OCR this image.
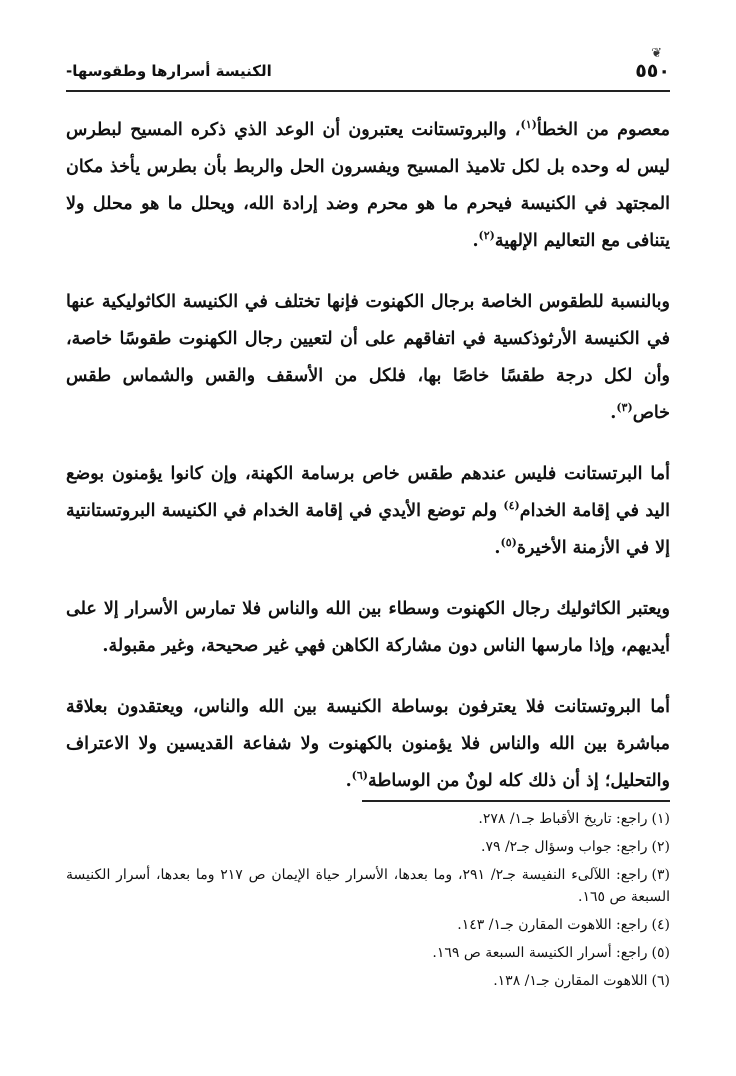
❦
٥٥٠
الكنيسة أسرارها وطقوسها-

معصوم من الخطأ$^{(١)}$، والبروتستانت يعتبرون أن الوعد الذي ذكره المسيح لبطرس ليس له وحده بل لكل تلاميذ المسيح ويفسرون الحل والربط بأن بطرس يأخذ مكان المجتهد في الكنيسة فيحرم ما هو محرم وضد إرادة الله، ويحلل ما هو محلل ولا يتنافى مع التعاليم الإلهية$^{(٢)}$.

وبالنسبة للطقوس الخاصة برجال الكهنوت فإنها تختلف في الكنيسة الكاثوليكية عنها في الكنيسة الأرثوذكسية في اتفاقهم على أن لتعيين رجال الكهنوت طقوسًا خاصة، وأن لكل درجة طقسًا خاصًا بها، فلكل من الأسقف والقس والشماس طقس خاص$^{(٣)}$.

أما البرتستانت فليس عندهم طقس خاص برسامة الكهنة، وإن كانوا يؤمنون بوضع اليد في إقامة الخدام$^{(٤)}$ ولم توضع الأيدي في إقامة الخدام في الكنيسة البروتستانتية إلا في الأزمنة الأخيرة$^{(٥)}$.

ويعتبر الكاثوليك رجال الكهنوت وسطاء بين الله والناس فلا تمارس الأسرار إلا على أيديهم، وإذا مارسها الناس دون مشاركة الكاهن فهي غير صحيحة، وغير مقبولة.

أما البروتستانت فلا يعترفون بوساطة الكنيسة بين الله والناس، ويعتقدون بعلاقة مباشرة بين الله والناس فلا يؤمنون بالكهنوت ولا شفاعة القديسين ولا الاعتراف والتحليل؛ إذ أن ذلك كله لونٌ من الوساطة$^{(٦)}$.

(١)راجع: تاريخ الأقباط جـ١/ ٢٧٨.

(٢)راجع: جواب وسؤال جـ٢/ ٧٩.

(٣)راجع: اللآلىء النفيسة جـ٢/ ٢٩١، وما بعدها، الأسرار حياة الإيمان ص ٢١٧ وما بعدها، أسرار الكنيسة السبعة ص ١٦٥.

(٤)راجع: اللاهوت المقارن جـ١/ ١٤٣.

(٥)راجع: أسرار الكنيسة السبعة ص ١٦٩.

(٦)اللاهوت المقارن جـ١/ ١٣٨.
